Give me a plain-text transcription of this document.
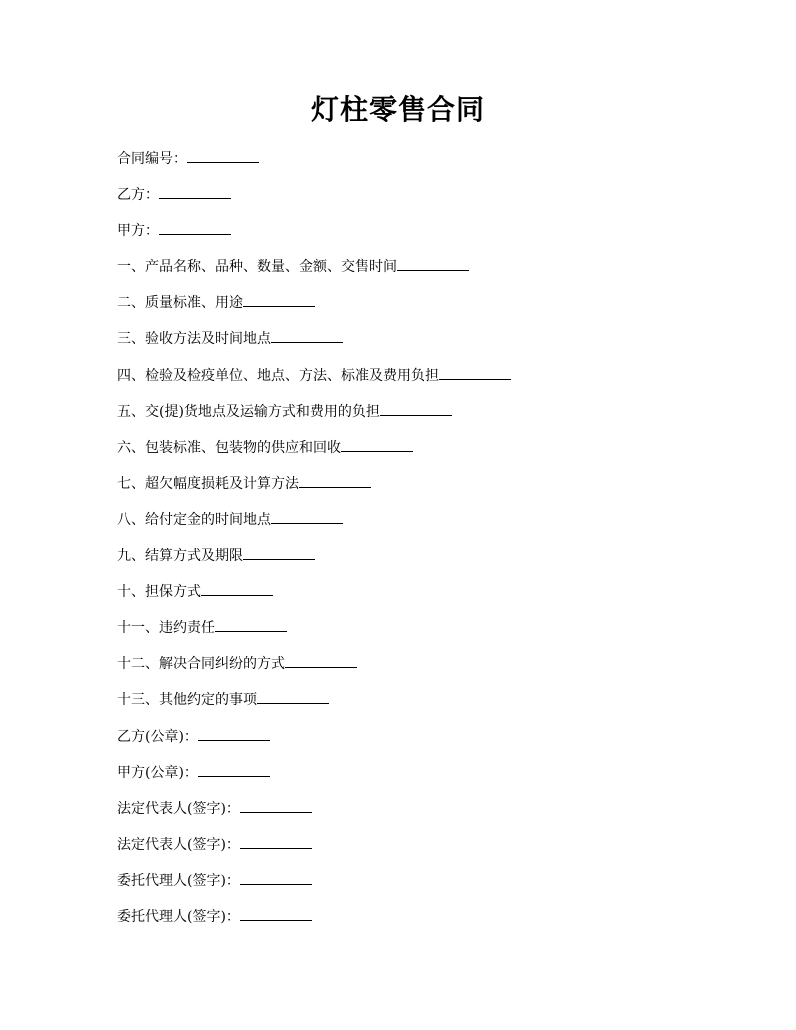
灯柱零售合同
合同编号：
乙方：
甲方：
一、产品名称、品种、数量、金额、交售时间
二、质量标准、用途
三、验收方法及时间地点
四、检验及检疫单位、地点、方法、标准及费用负担
五、交(提)货地点及运输方式和费用的负担
六、包装标准、包装物的供应和回收
七、超欠幅度损耗及计算方法
八、给付定金的时间地点
九、结算方式及期限
十、担保方式
十一、违约责任
十二、解决合同纠纷的方式
十三、其他约定的事项
乙方(公章)：
甲方(公章)：
法定代表人(签字)：
法定代表人(签字)：
委托代理人(签字)：
委托代理人(签字)：
